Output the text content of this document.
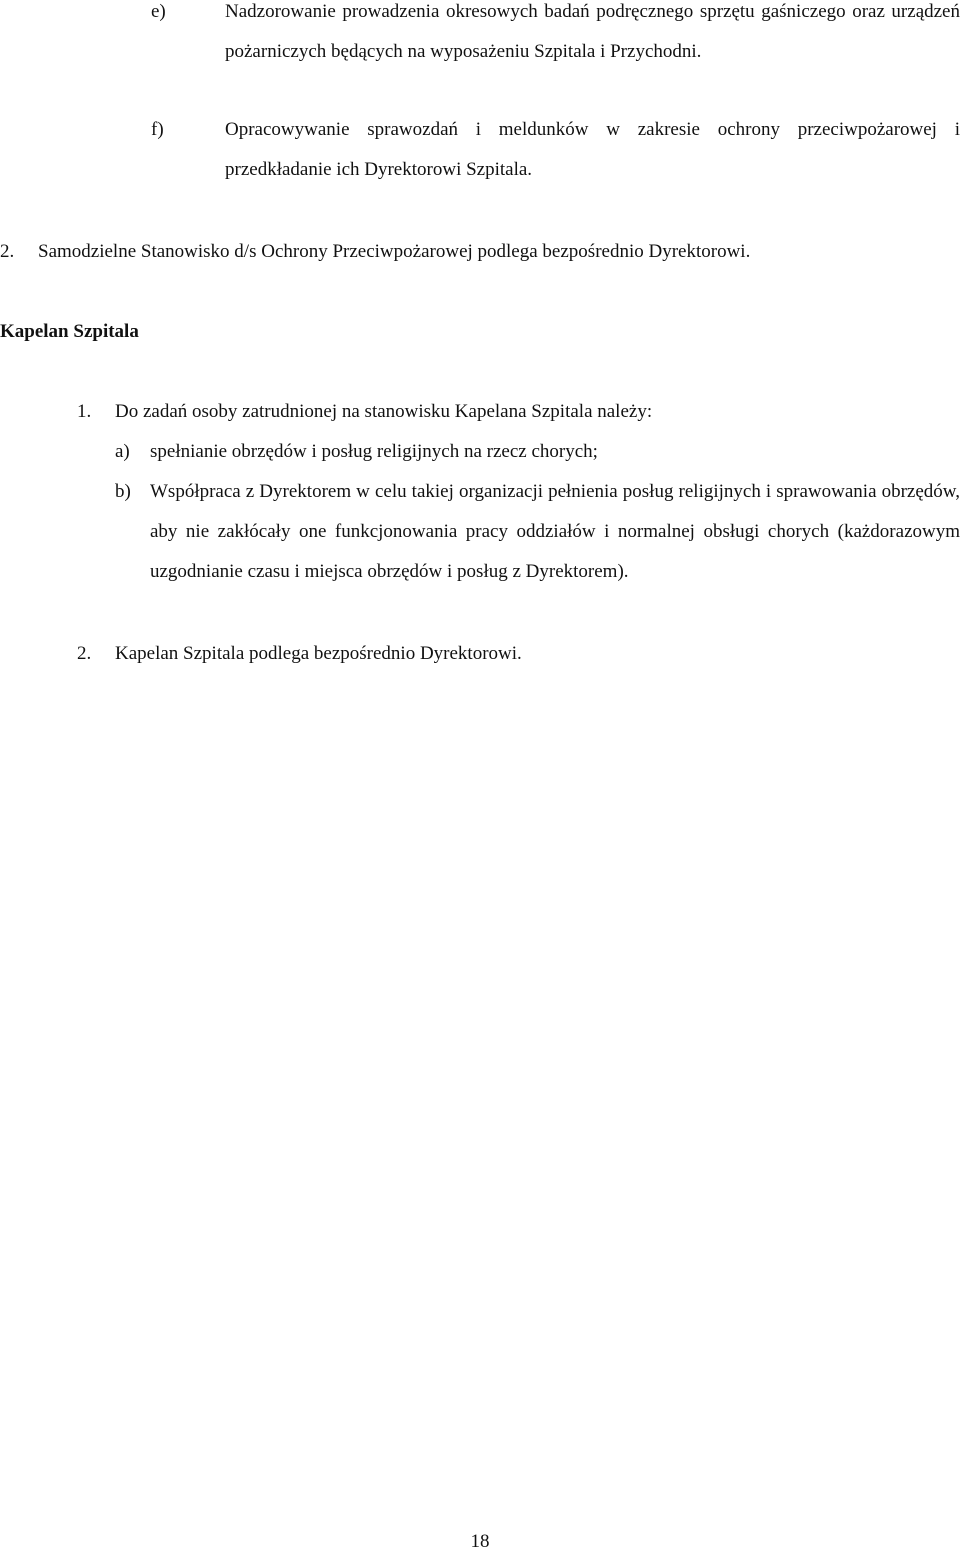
e)	Nadzorowanie prowadzenia okresowych badań podręcznego sprzętu gaśniczego oraz urządzeń pożarniczych będących na wyposażeniu Szpitala i Przychodni.
f)	Opracowywanie sprawozdań i meldunków w zakresie ochrony przeciwpożarowej i przedkładanie ich Dyrektorowi Szpitala.
2. Samodzielne Stanowisko d/s Ochrony Przeciwpożarowej podlega bezpośrednio Dyrektorowi.
Kapelan Szpitala
1. Do zadań osoby zatrudnionej na stanowisku Kapelana Szpitala należy:
a) spełnianie obrzędów i posług religijnych na rzecz chorych;
b) Współpraca z Dyrektorem w celu takiej organizacji pełnienia posług religijnych i sprawowania obrzędów, aby nie zakłócały one funkcjonowania pracy oddziałów i normalnej obsługi chorych (każdorazowym uzgodnianie czasu i miejsca obrzędów i posług z Dyrektorem).
2. Kapelan Szpitala podlega bezpośrednio Dyrektorowi.
18
